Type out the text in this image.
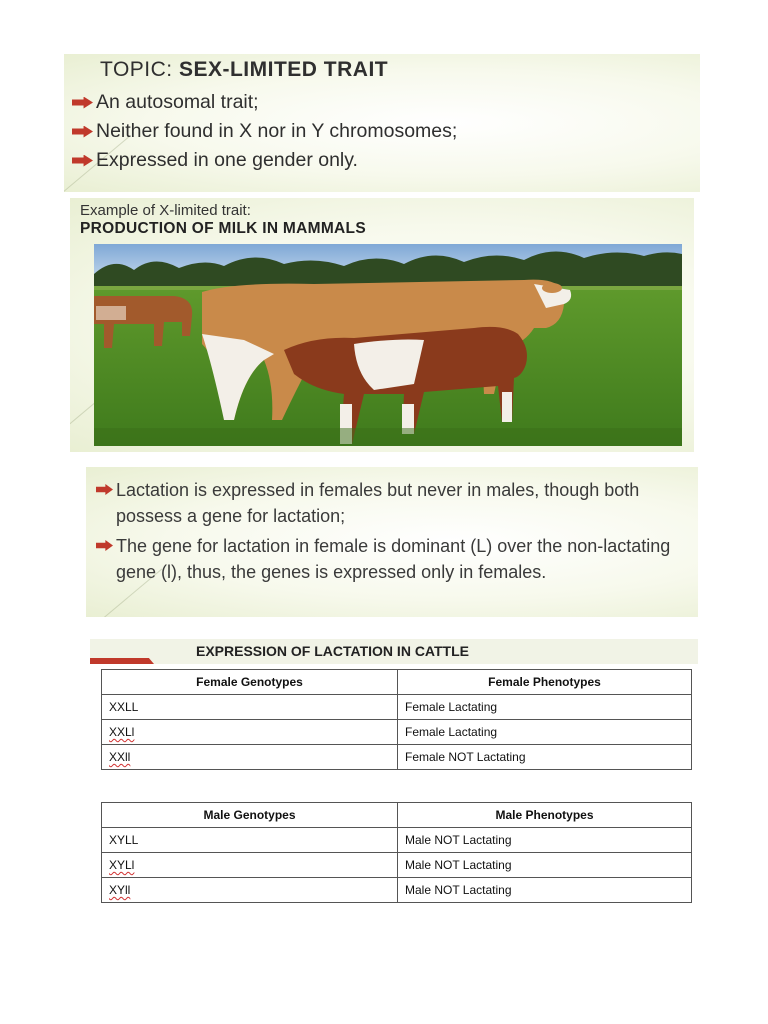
TOPIC: SEX-LIMITED TRAIT
An autosomal trait;
Neither found in X nor in Y chromosomes;
Expressed in one gender only.
Example of X-limited trait:
PRODUCTION OF MILK IN MAMMALS
Lactation is expressed in females but never in males, though both possess a gene for lactation;
The gene for lactation in female is dominant (L) over the non-lactating gene (l), thus, the genes is expressed only in females.
EXPRESSION OF LACTATION IN CATTLE
Female Genotypes	Female Phenotypes
XXLL	Female Lactating
XXLl	Female Lactating
XXll	Female NOT Lactating
Male Genotypes	Male Phenotypes
XYLL	Male NOT Lactating
XYLl	Male NOT Lactating
XYll	Male NOT Lactating
